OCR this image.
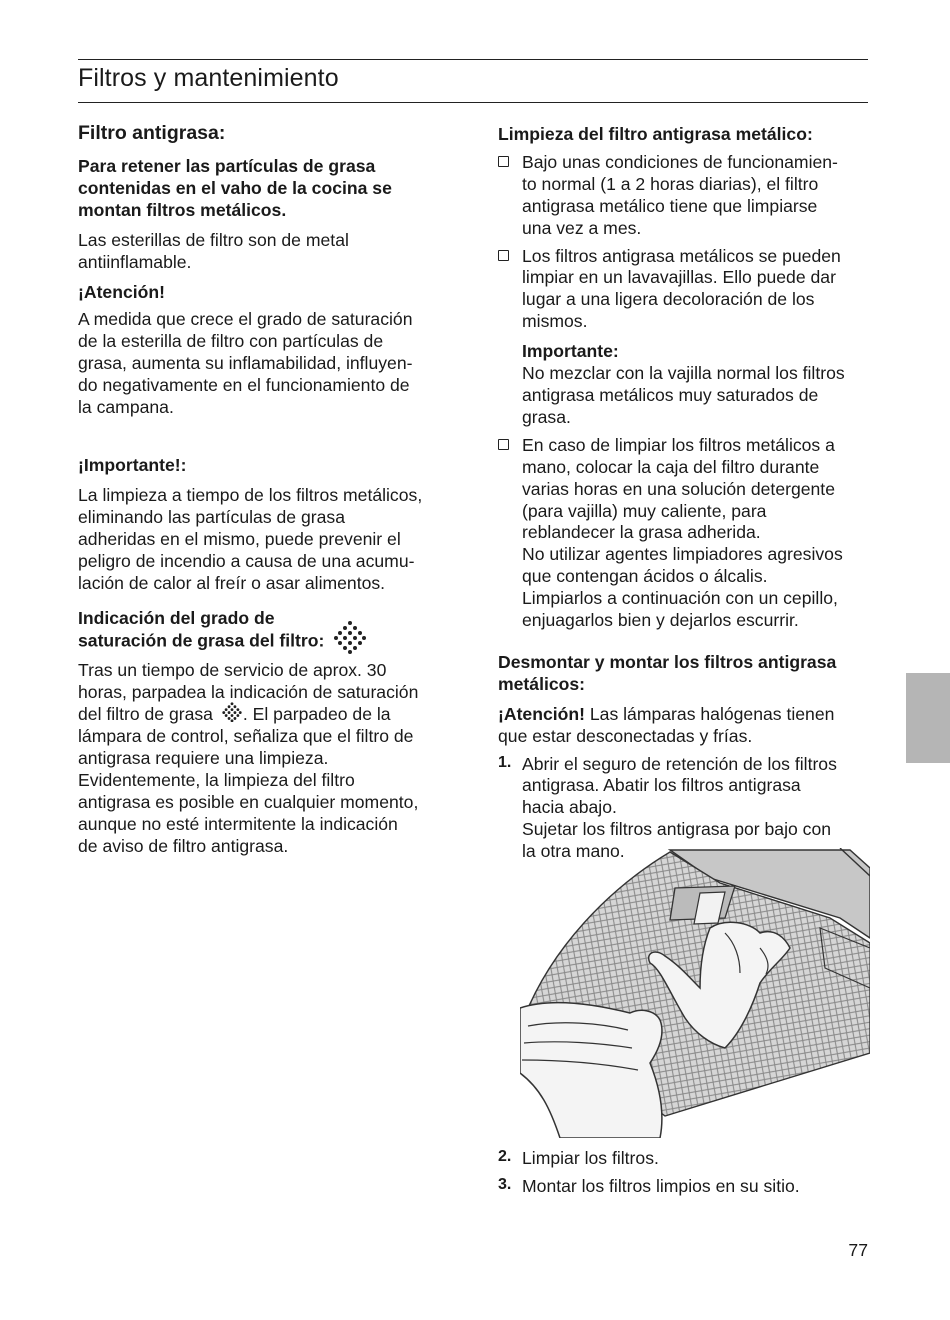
Filtros y mantenimiento
Filtro antigrasa:

Para retener las partículas de grasa
contenidas en el vaho de la cocina se
montan filtros metálicos.

Las esterillas de filtro son de metal
antiinflamable.

¡Atención!

A medida que crece el grado de saturación
de la esterilla de filtro con partículas de
grasa, aumenta su inflamabilidad, influyen-
do negativamente en el funcionamiento de
la campana.

¡Importante!:

La limpieza a tiempo de los filtros metálicos,
eliminando las partículas de grasa
adheridas en el mismo, puede prevenir el
peligro de incendio a causa de una acumu-
lación de calor al freír o asar alimentos.

Indicación del grado de
saturación de grasa del filtro:

Tras un tiempo de servicio de aprox. 30
horas, parpadea la indicación de saturación
del filtro de grasa . El parpadeo de la
lámpara de control, señaliza que el filtro de
antigrasa requiere una limpieza.
Evidentemente, la limpieza del filtro
antigrasa es posible en cualquier momento,
aunque no esté intermitente la indicación
de aviso de filtro antigrasa.

Limpieza del filtro antigrasa metálico:

Bajo unas condiciones de funcionamien-
to normal (1 a 2 horas diarias), el filtro
antigrasa metálico tiene que limpiarse
una vez a mes.

Los filtros antigrasa metálicos se pueden
limpiar en un lavavajillas. Ello puede dar
lugar a una ligera decoloración de los
mismos.

Importante:

No mezclar con la vajilla normal los filtros
antigrasa metálicos muy saturados de
grasa.

En caso de limpiar los filtros metálicos a
mano, colocar la caja del filtro durante
varias horas en una solución detergente
(para vajilla) muy caliente, para
reblandecer la grasa adherida.
No utilizar agentes limpiadores agresivos
que contengan ácidos o álcalis.
Limpiarlos a continuación con un cepillo,
enjuagarlos bien y dejarlos escurrir.

Desmontar y montar los filtros antigrasa
metálicos:

¡Atención! Las lámparas halógenas tienen
que estar desconectadas y frías.

1. Abrir el seguro de retención de los filtros
antigrasa. Abatir los filtros antigrasa
hacia abajo.
Sujetar los filtros antigrasa por bajo con
la otra mano.

2. Limpiar los filtros.

3. Montar los filtros limpios en su sitio.

77
